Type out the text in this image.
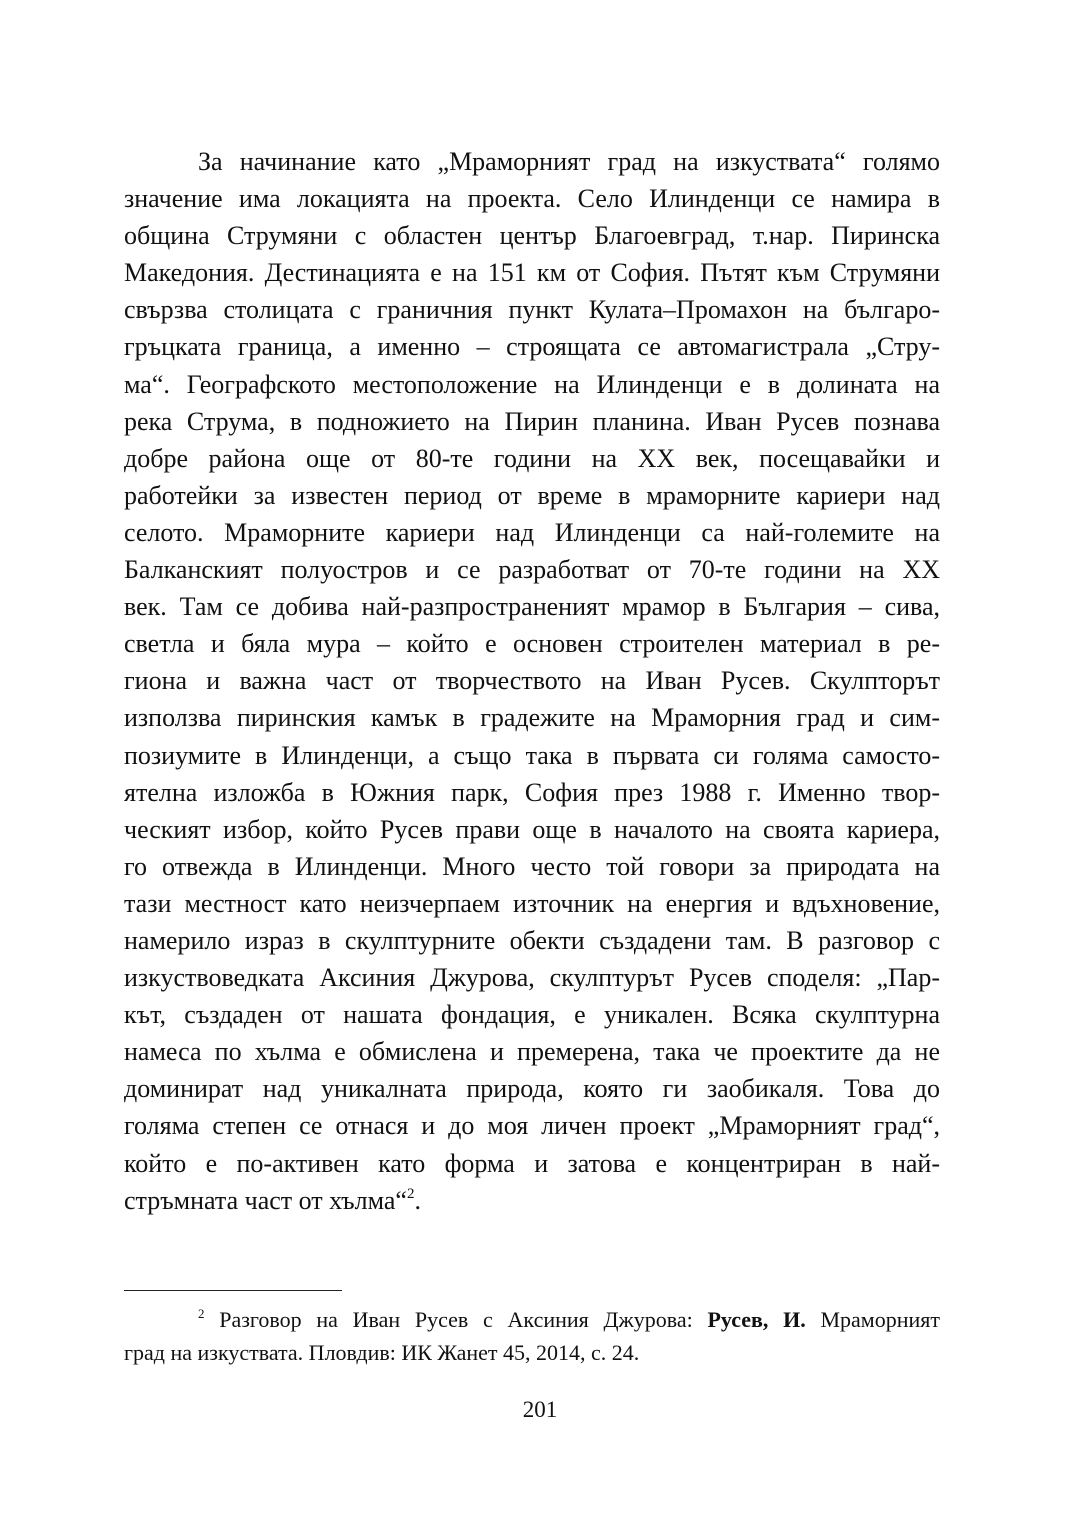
За начинание като „Мраморният град на изкуствата“ голямо
значение има локацията на проекта. Село Илинденци се намира в
община Струмяни с областен център Благоевград, т.нар. Пиринска
Македония. Дестинацията е на 151 км от София. Пътят към Струмяни
свързва столицата с граничния пункт Кулата–Промахон на българо-
гръцката граница, а именно – строящата се автомагистрала „Стру-
ма“. Географското местоположение на Илинденци е в долината на
река Струма, в подножието на Пирин планина. Иван Русев познава
добре района още от 80-те години на XX век, посещавайки и
работейки за известен период от време в мраморните кариери над
селото. Мраморните кариери над Илинденци са най-големите на
Балканският полуостров и се разработват от 70-те години на XX
век. Там се добива най-разпространеният мрамор в България – сива,
светла и бяла мура – който е основен строителен материал в ре-
гиона и важна част от творчеството на Иван Русев. Скулпторът
използва пиринския камък в градежите на Мраморния град и сим-
позиумите в Илинденци, а също така в първата си голяма самосто-
ятелна изложба в Южния парк, София през 1988 г. Именно твор-
ческият избор, който Русев прави още в началото на своята кариера,
го отвежда в Илинденци. Много често той говори за природата на
тази местност като неизчерпаем източник на енергия и вдъхновение,
намерило израз в скулптурните обекти създадени там. В разговор с
изкуствоведката Аксиния Джурова, скулптурът Русев споделя: „Пар-
кът, създаден от нашата фондация, е уникален. Всяка скулптурна
намеса по хълма е обмислена и премерена, така че проектите да не
доминират над уникалната природа, която ги заобикаля. Това до
голяма степен се отнася и до моя личен проект „Мраморният град“,
който е по-активен като форма и затова е концентриран в най-
стръмната част от хълма“$^2$.
$^2$ Разговор на Иван Русев с Аксиния Джурова: Русев, И. Мраморният
град на изкуствата. Пловдив: ИК Жанет 45, 2014, с. 24.
201
